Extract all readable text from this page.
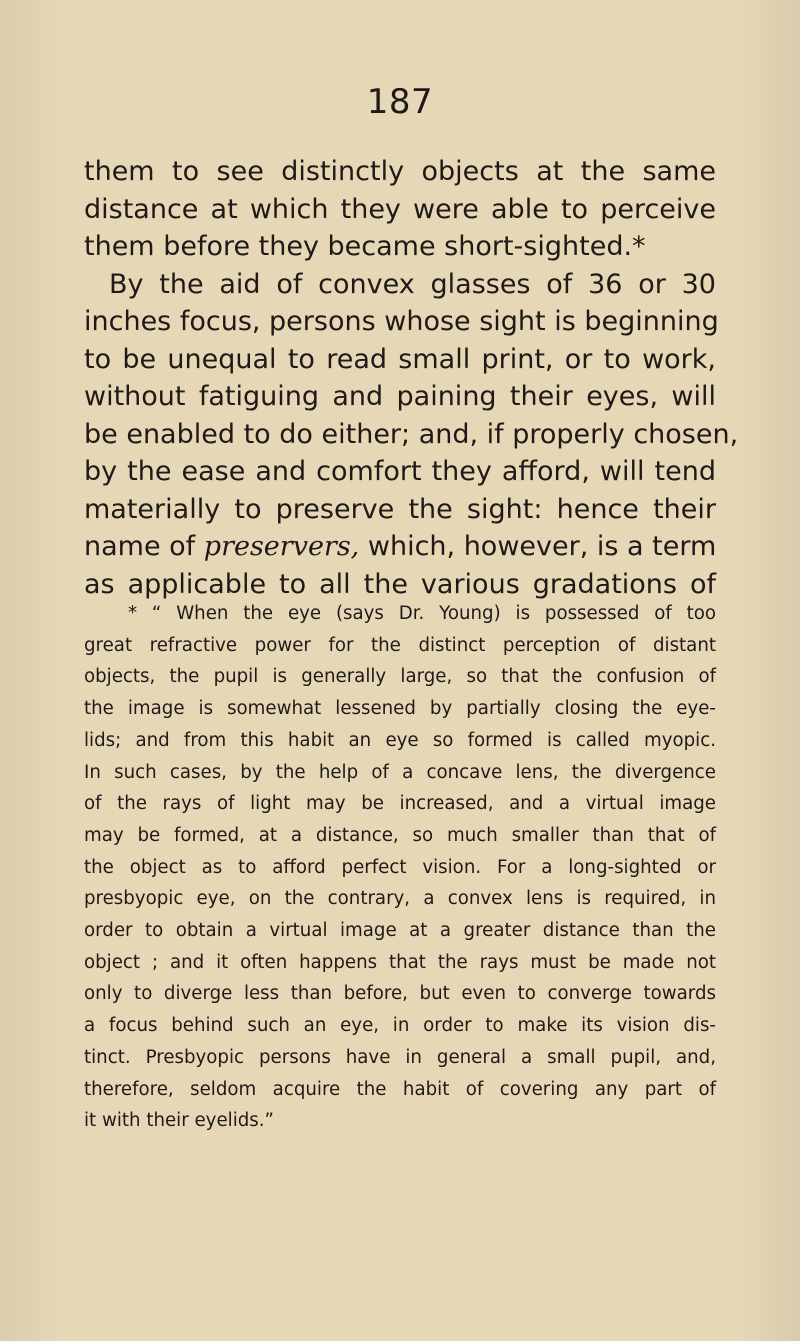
187
them to see distinctly objects at the same
distance at which they were able to perceive
them before they became short-sighted.*
By the aid of convex glasses of 36 or 30
inches focus, persons whose sight is beginning
to be unequal to read small print, or to work,
without fatiguing and paining their eyes, will
be enabled to do either; and, if properly chosen,
by the ease and comfort they afford, will tend
materially to preserve the sight: hence their
name of preservers, which, however, is a term
as applicable to all the various gradations of
* “ When the eye (says Dr. Young) is possessed of too
great refractive power for the distinct perception of distant
objects, the pupil is generally large, so that the confusion of
the image is somewhat lessened by partially closing the eye-
lids; and from this habit an eye so formed is called myopic.
In such cases, by the help of a concave lens, the divergence
of the rays of light may be increased, and a virtual image
may be formed, at a distance, so much smaller than that of
the object as to afford perfect vision. For a long-sighted or
presbyopic eye, on the contrary, a convex lens is required, in
order to obtain a virtual image at a greater distance than the
object ; and it often happens that the rays must be made not
only to diverge less than before, but even to converge towards
a focus behind such an eye, in order to make its vision dis-
tinct. Presbyopic persons have in general a small pupil, and,
therefore, seldom acquire the habit of covering any part of
it with their eyelids.”
